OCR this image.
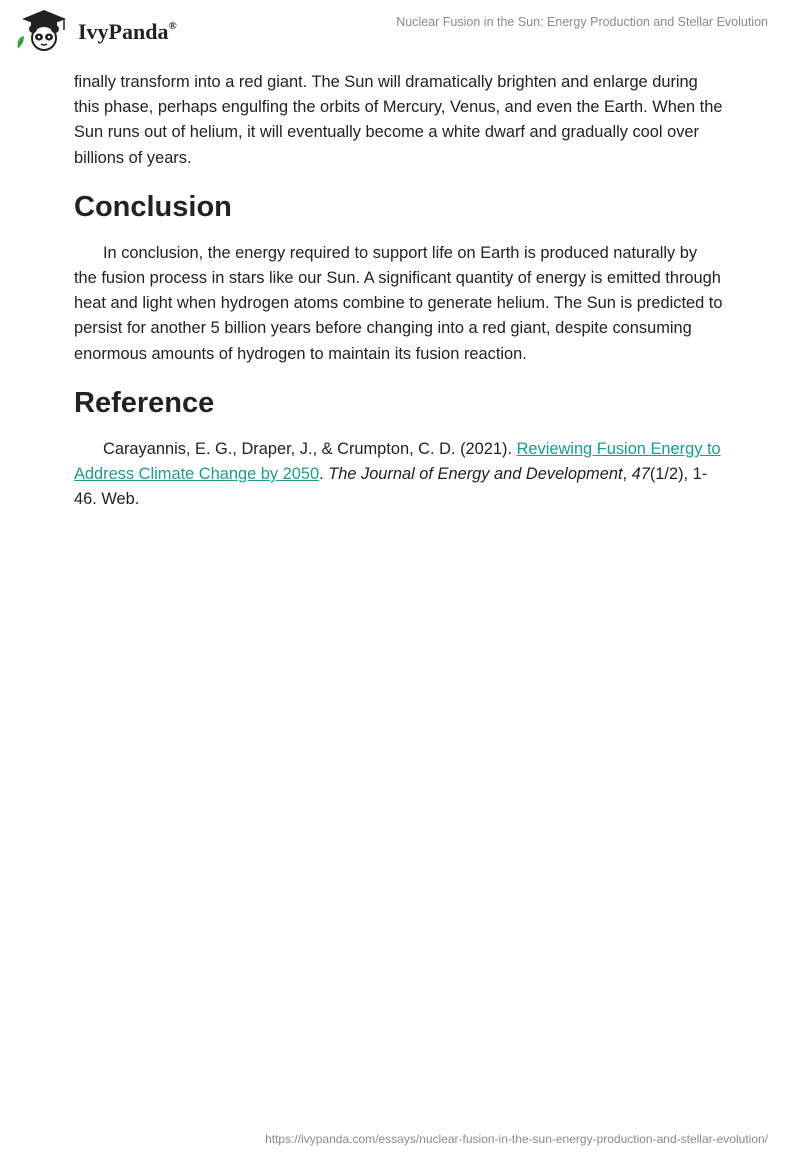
IvyPanda®	Nuclear Fusion in the Sun: Energy Production and Stellar Evolution

finally transform into a red giant. The Sun will dramatically brighten and enlarge during this phase, perhaps engulfing the orbits of Mercury, Venus, and even the Earth. When the Sun runs out of helium, it will eventually become a white dwarf and gradually cool over billions of years.

Conclusion

In conclusion, the energy required to support life on Earth is produced naturally by the fusion process in stars like our Sun. A significant quantity of energy is emitted through heat and light when hydrogen atoms combine to generate helium. The Sun is predicted to persist for another 5 billion years before changing into a red giant, despite consuming enormous amounts of hydrogen to maintain its fusion reaction.

Reference

Carayannis, E. G., Draper, J., & Crumpton, C. D. (2021). Reviewing Fusion Energy to Address Climate Change by 2050. The Journal of Energy and Development, 47(1/2), 1-46. Web.

https://ivypanda.com/essays/nuclear-fusion-in-the-sun-energy-production-and-stellar-evolution/
